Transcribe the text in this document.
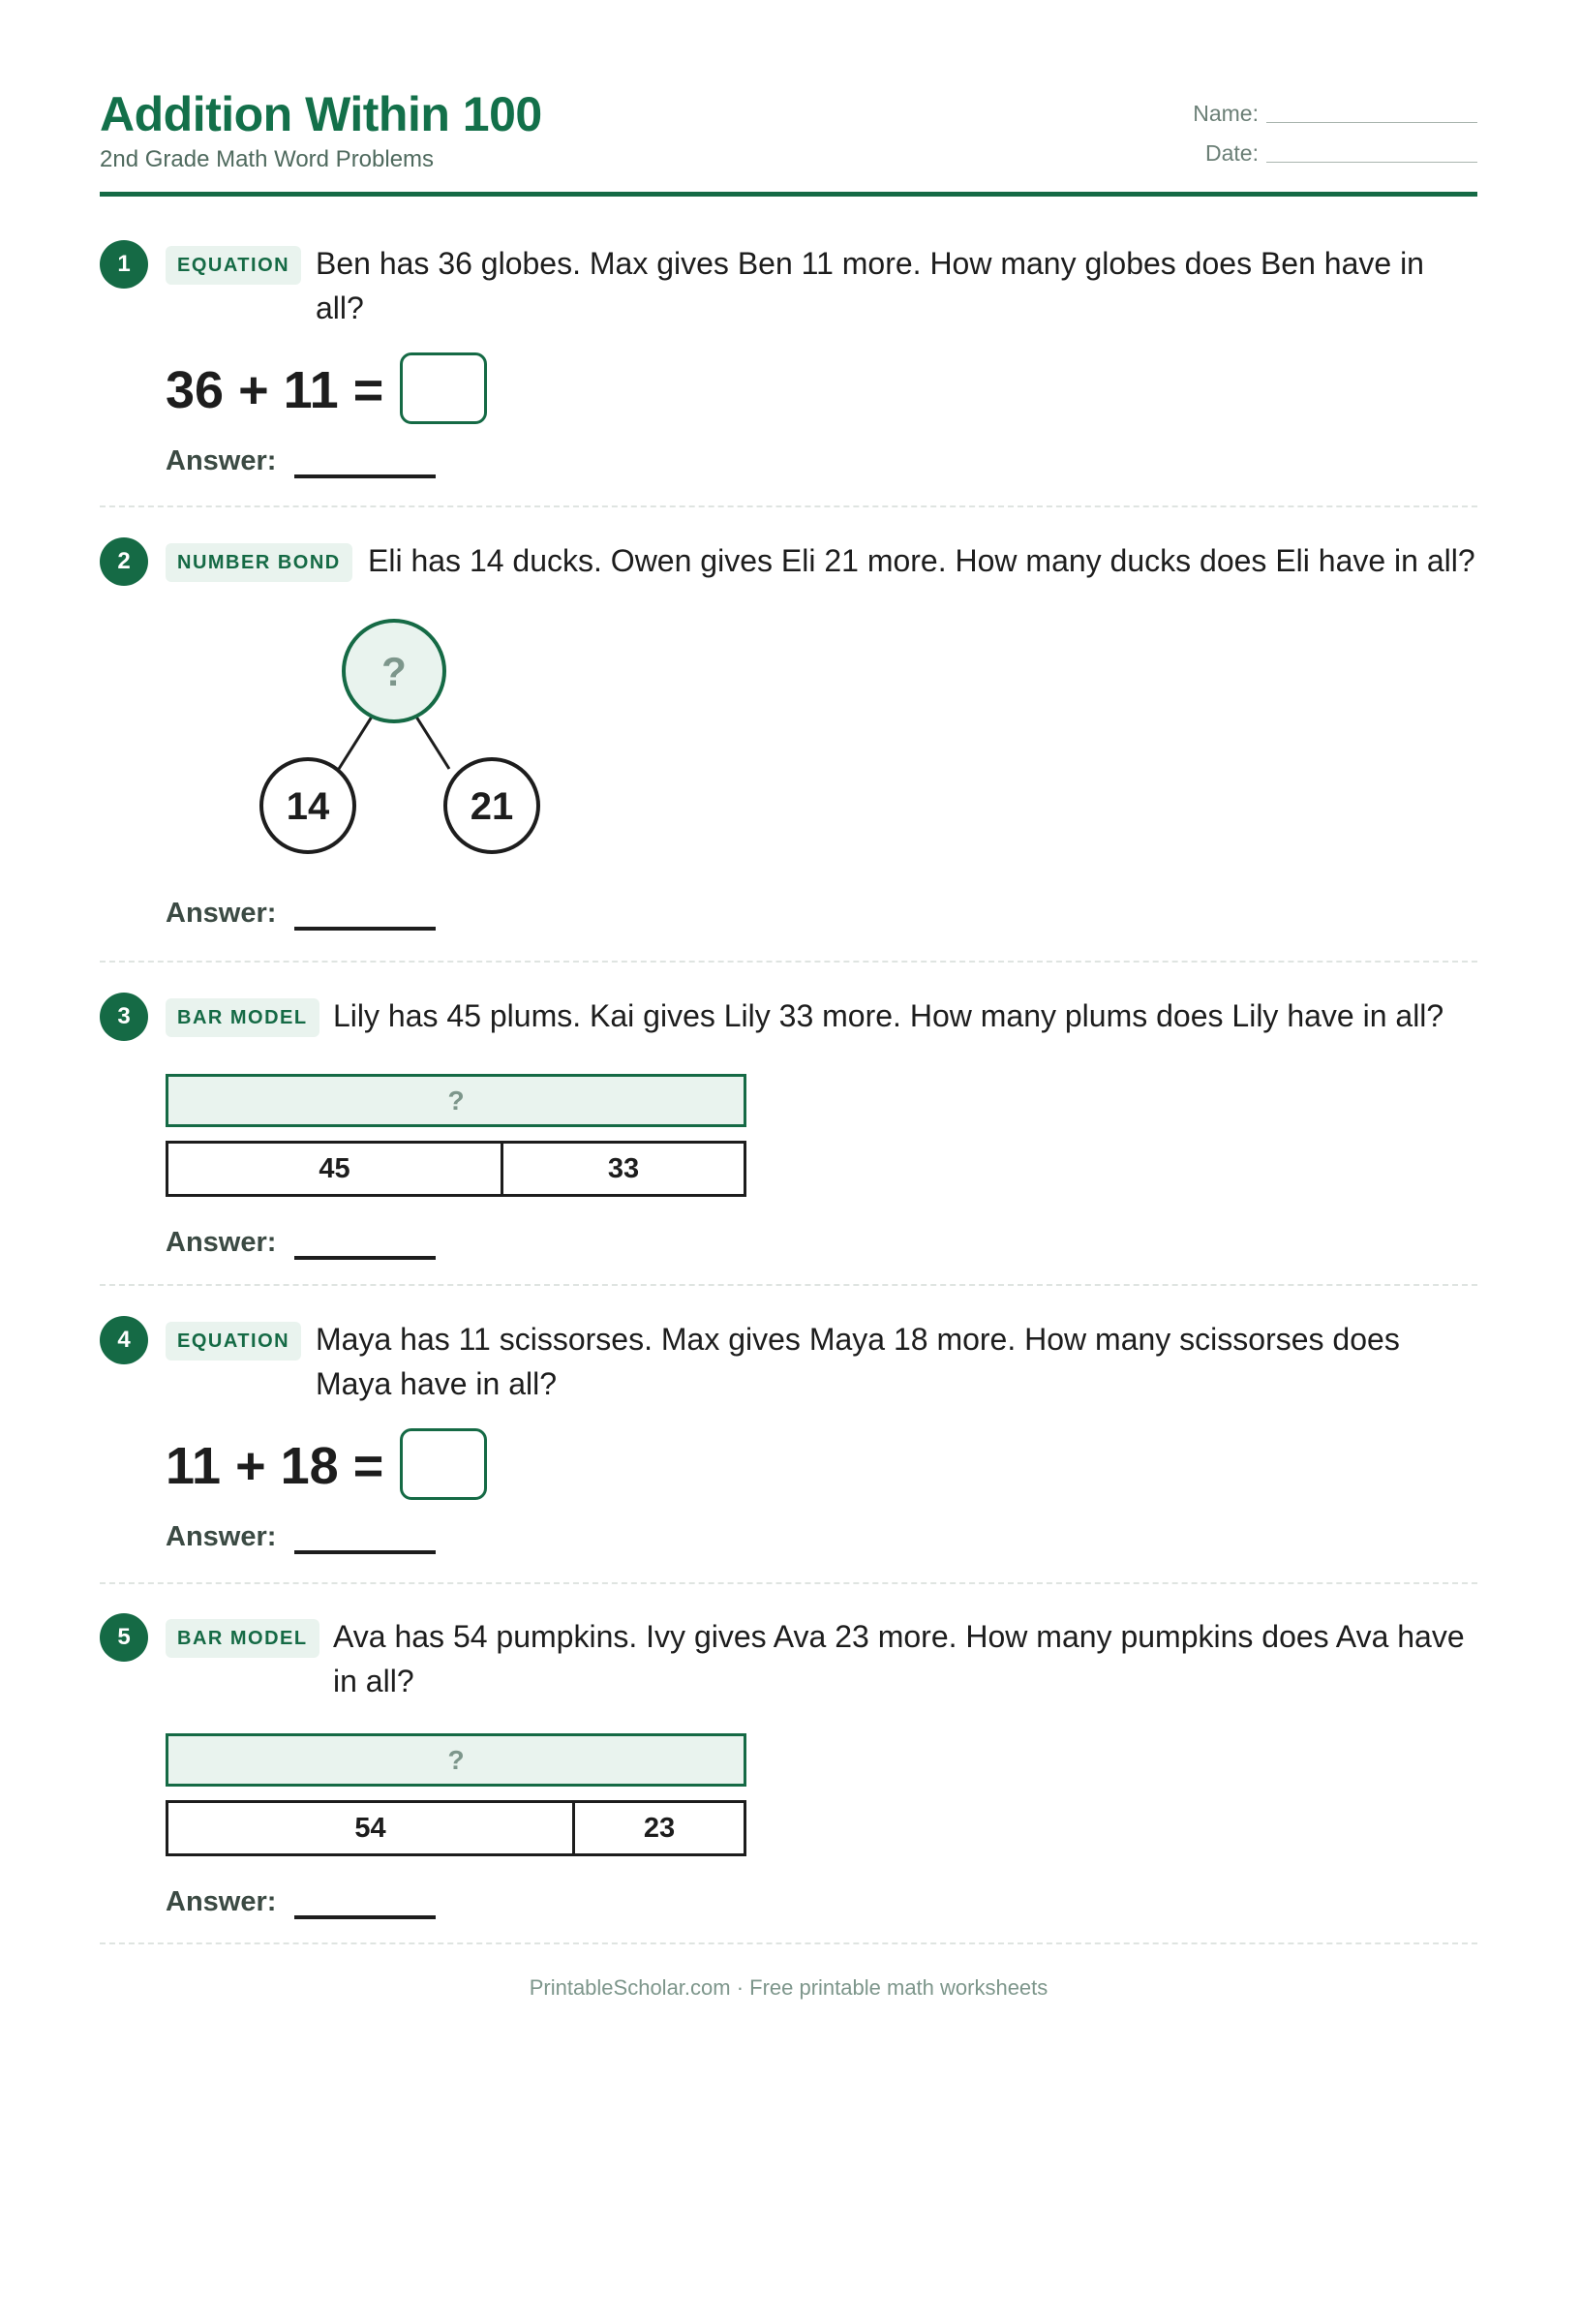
Addition Within 100
2nd Grade Math Word Problems
Name:
Date:
1	EQUATION Ben has 36 globes. Max gives Ben 11 more. How many globes does Ben have in all?
36 + 11 =
Answer:
2	NUMBER BOND Eli has 14 ducks. Owen gives Eli 21 more. How many ducks does Eli have in all?
?
14	21
Answer:
3	BAR MODEL Lily has 45 plums. Kai gives Lily 33 more. How many plums does Lily have in all?
?
45	33
Answer:
4	EQUATION Maya has 11 scissorses. Max gives Maya 18 more. How many scissorses does Maya have in all?
11 + 18 =
Answer:
5	BAR MODEL Ava has 54 pumpkins. Ivy gives Ava 23 more. How many pumpkins does Ava have in all?
?
54	23
Answer:
PrintableScholar.com · Free printable math worksheets
